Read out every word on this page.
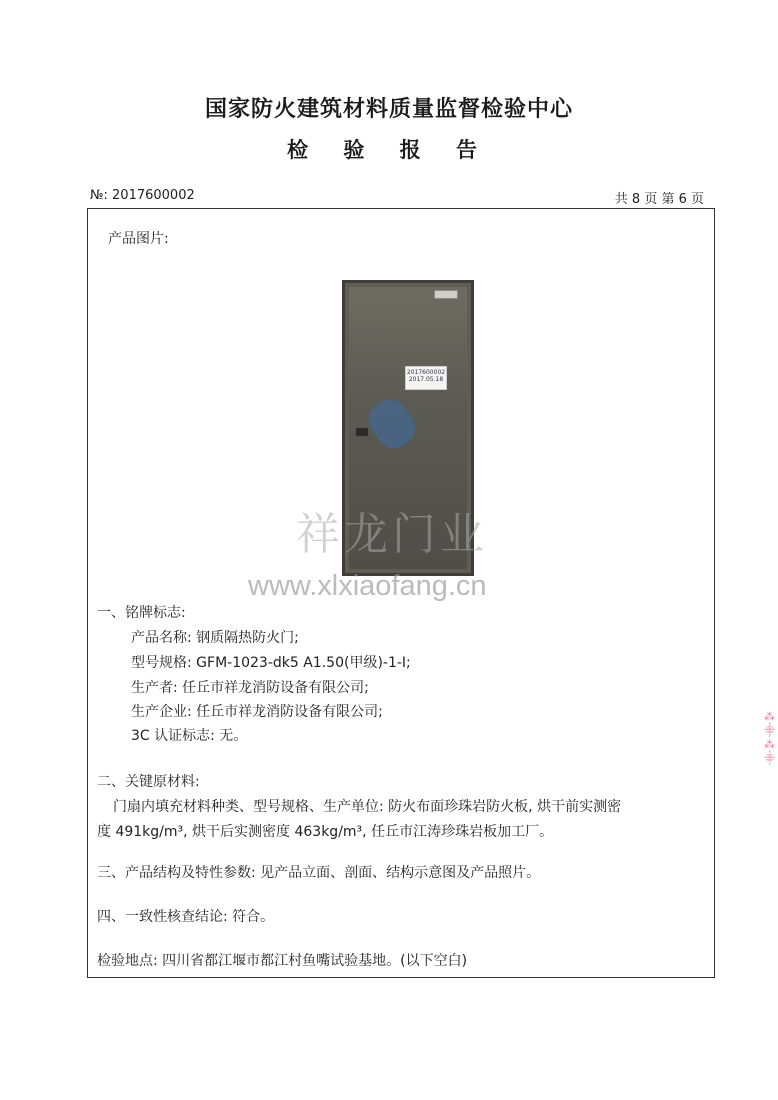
国家防火建筑材料质量监督检验中心
检 验 报 告
№: 2017600002	共 8 页 第 6 页
产品图片:
2017600002 2017.05.18
祥龙门业
www.xlxiaofang.cn
一、铭牌标志:
产品名称: 钢质隔热防火门;
型号规格: GFM-1023-dk5 A1.50(甲级)-1-Ⅰ;
生产者: 任丘市祥龙消防设备有限公司;
生产企业: 任丘市祥龙消防设备有限公司;
3C 认证标志: 无。
二、关键原材料:
门扇内填充材料种类、型号规格、生产单位: 防火布面珍珠岩防火板, 烘干前实测密
度 491kg/m³, 烘干后实测密度 463kg/m³, 任丘市江涛珍珠岩板加工厂。
三、产品结构及特性参数: 见产品立面、剖面、结构示意图及产品照片。
四、一致性核查结论: 符合。
检验地点: 四川省都江堰市都江村鱼嘴试验基地。(以下空白)
⁂
⸎
⁂
⸎
